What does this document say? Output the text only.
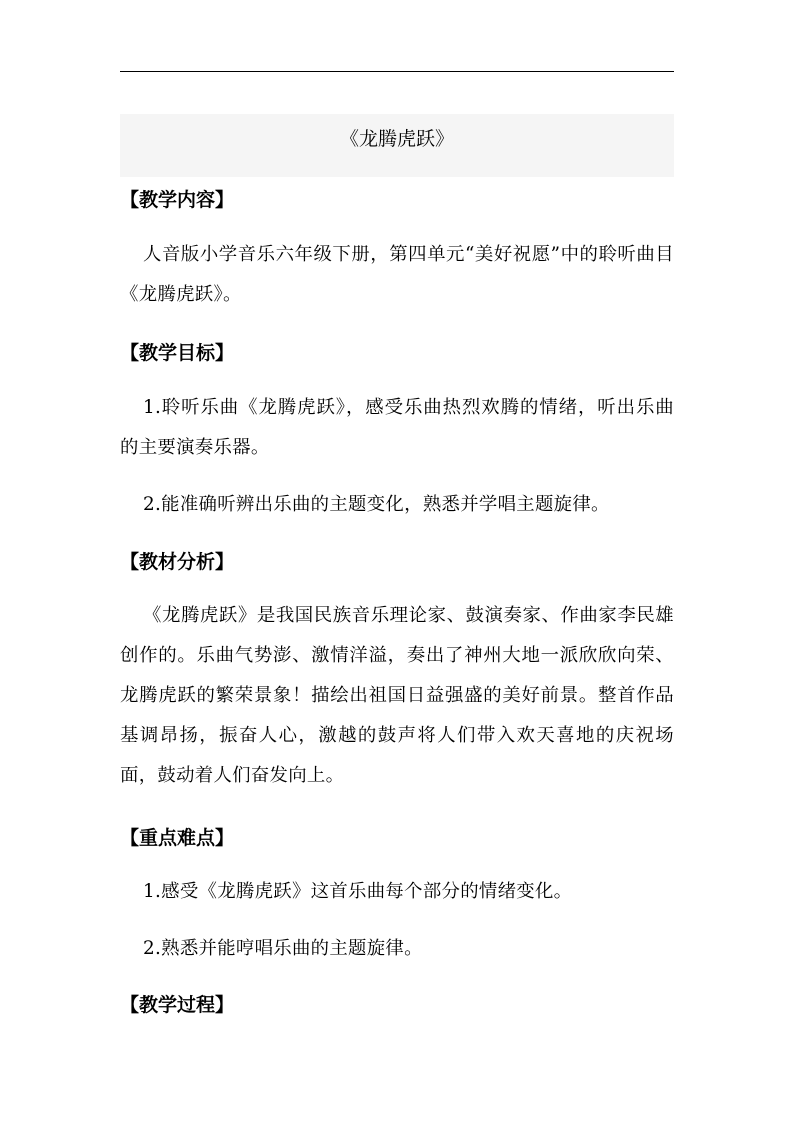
《龙腾虎跃》
【教学内容】
人音版小学音乐六年级下册，第四单元“美好祝愿”中的聆听曲目《龙腾虎跃》。
【教学目标】
1.聆听乐曲《龙腾虎跃》，感受乐曲热烈欢腾的情绪，听出乐曲的主要演奏乐器。
2.能准确听辨出乐曲的主题变化，熟悉并学唱主题旋律。
【教材分析】
《龙腾虎跃》是我国民族音乐理论家、鼓演奏家、作曲家李民雄创作的。乐曲气势澎、激情洋溢，奏出了神州大地一派欣欣向荣、龙腾虎跃的繁荣景象！描绘出祖国日益强盛的美好前景。整首作品基调昂扬，振奋人心，激越的鼓声将人们带入欢天喜地的庆祝场面，鼓动着人们奋发向上。
【重点难点】
1.感受《龙腾虎跃》这首乐曲每个部分的情绪变化。
2.熟悉并能哼唱乐曲的主题旋律。
【教学过程】
